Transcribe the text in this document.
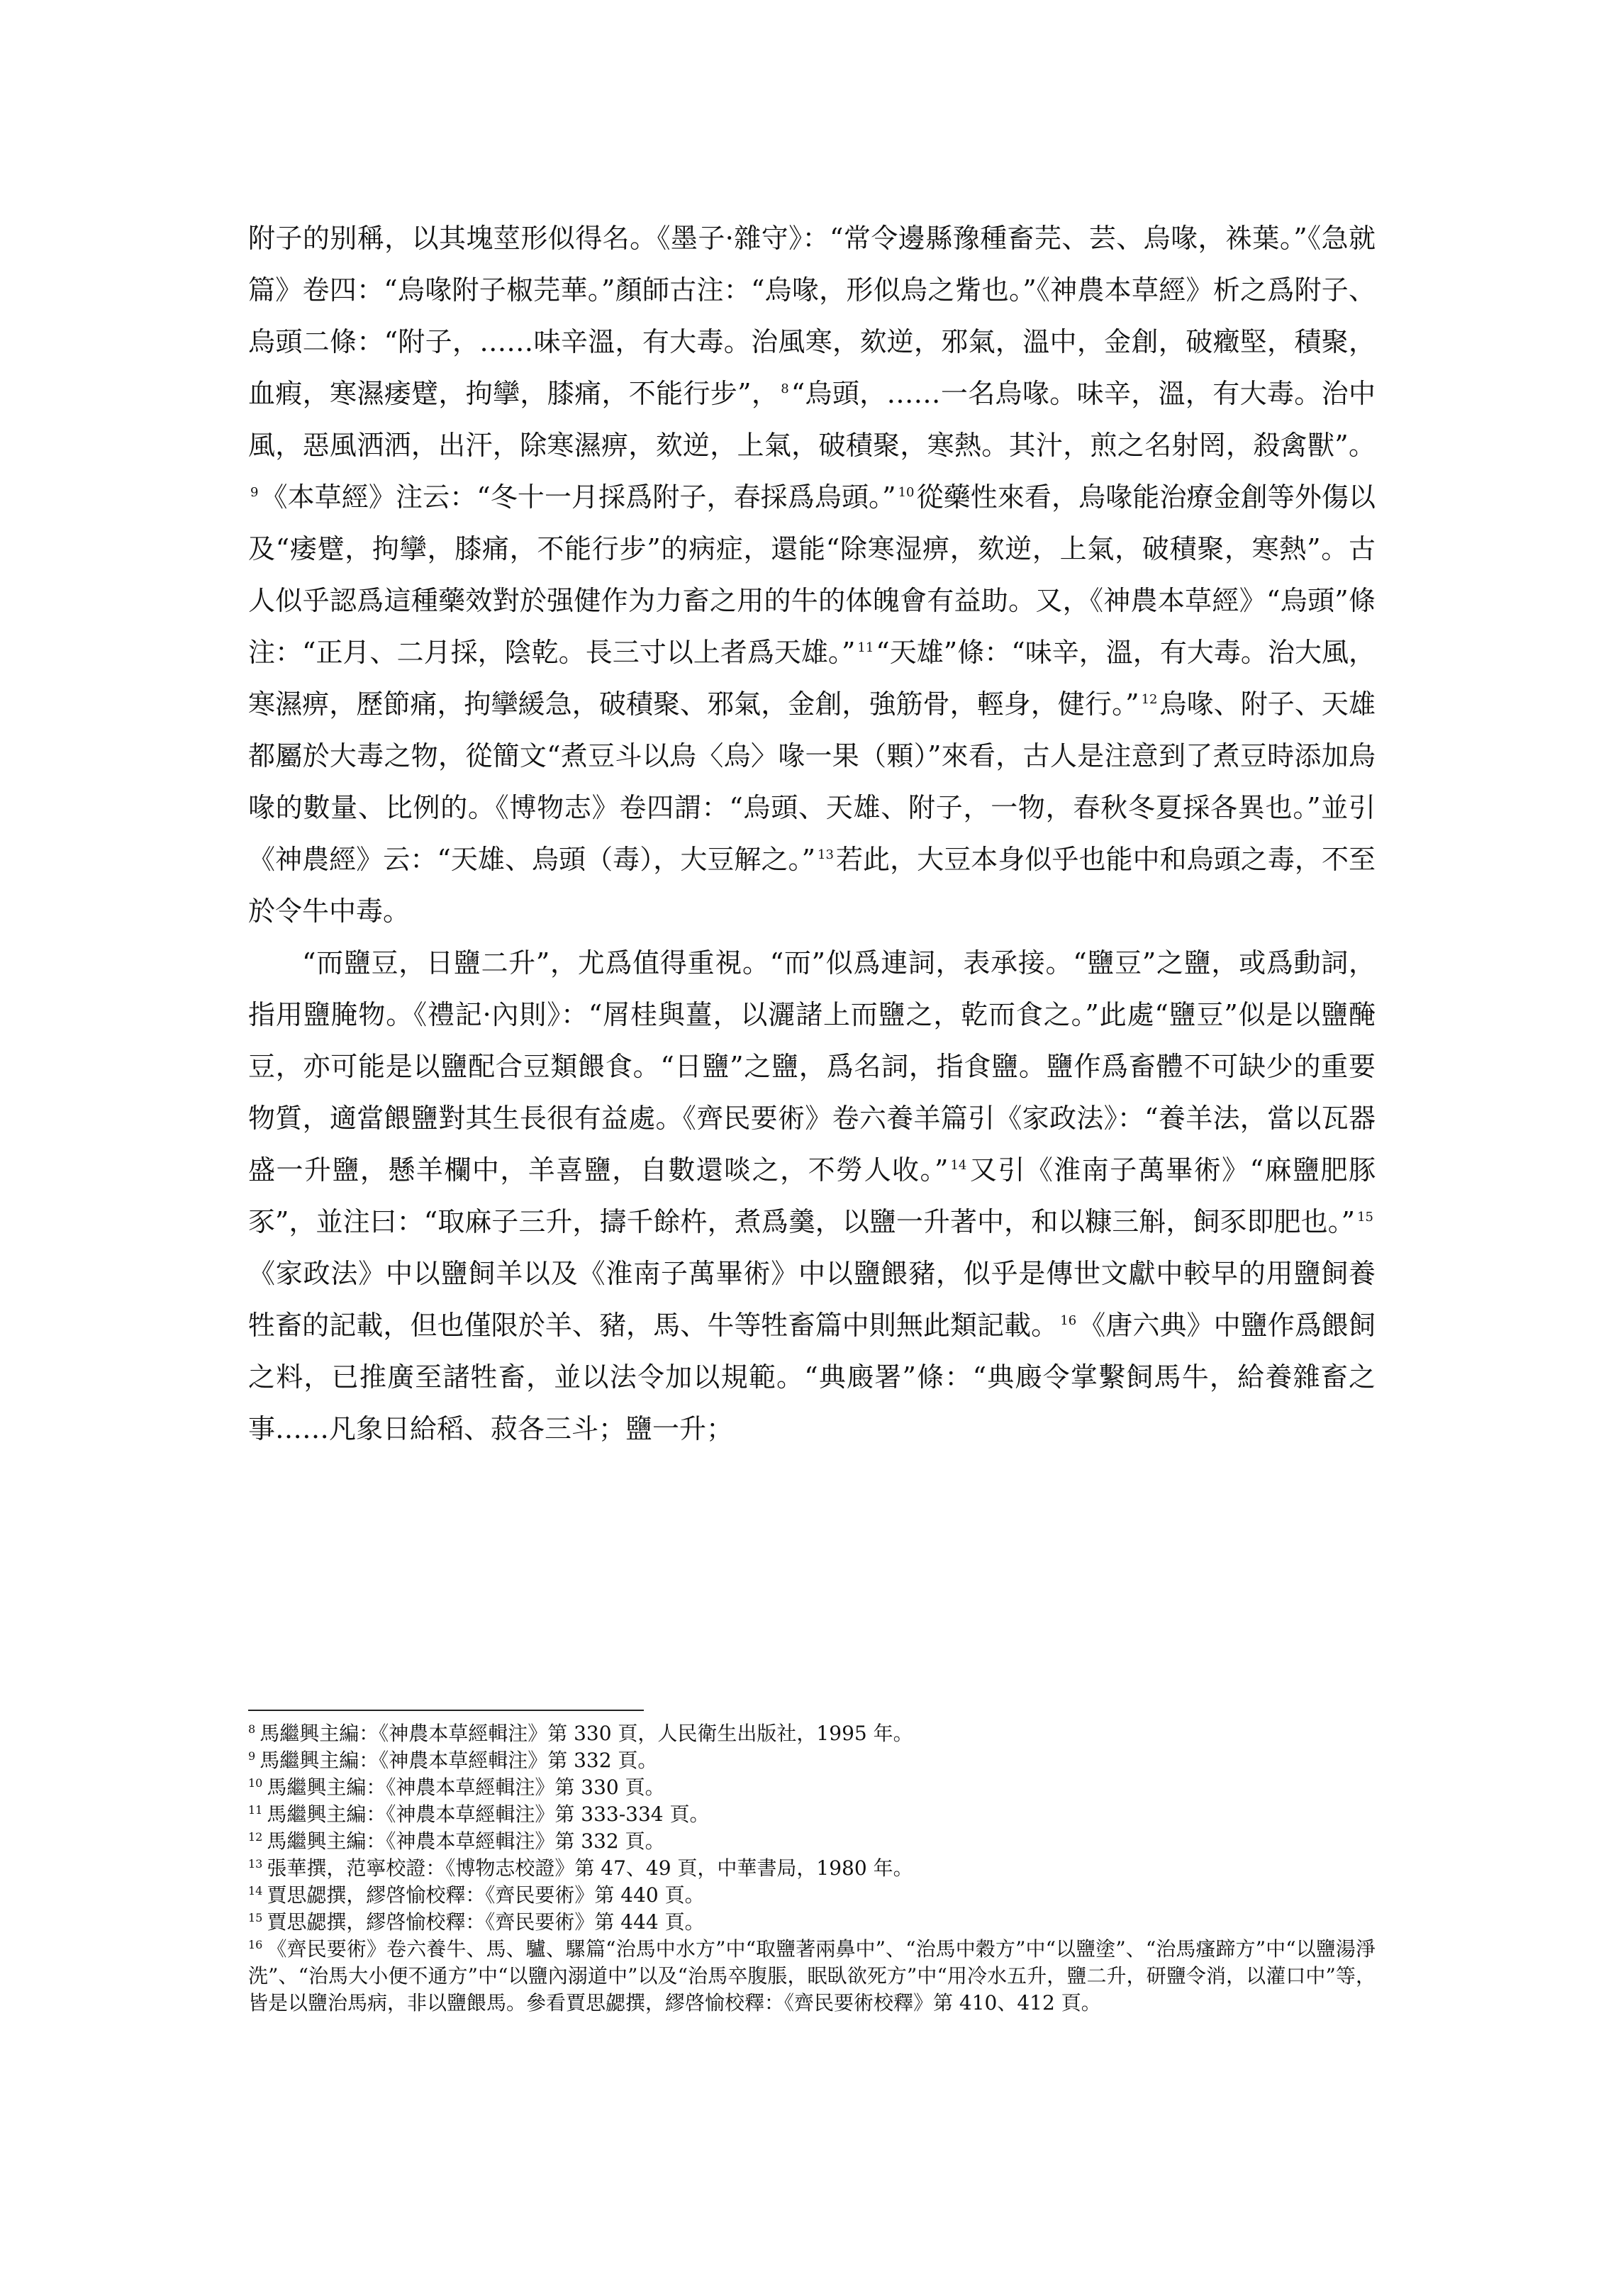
附子的别稱，以其塊莖形似得名。《墨子·雜守》：“常令邊縣豫種畜芫、芸、烏喙，袾葉。”《急就篇》卷四：“烏喙附子椒芫華。”顏師古注：“烏喙，形似烏之觜也。”《神農本草經》析之爲附子、烏頭二條：“附子，……味辛溫，有大毒。治風寒，欬逆，邪氣，溫中，金創，破癥堅，積聚，血瘕，寒濕痿躄，拘攣，膝痛，不能行步”， $^8$“烏頭，……一名烏喙。味辛，溫，有大毒。治中風，惡風洒洒，出汗，除寒濕痹，欬逆，上氣，破積聚，寒熱。其汁，煎之名射罔，殺禽獸”。$^9$《本草經》注云：“冬十一月採爲附子，春採爲烏頭。” $^{10}$從藥性來看，烏喙能治療金創等外傷以及“痿躄，拘攣，膝痛，不能行步”的病症，還能“除寒湿痹，欬逆，上氣，破積聚，寒熱”。古人似乎認爲這種藥效對於强健作为力畜之用的牛的体魄會有益助。又，《神農本草經》“烏頭”條注：“正月、二月採，陰乾。長三寸以上者爲天雄。” $^{11}$“天雄”條：“味辛，溫，有大毒。治大風，寒濕痹，歷節痛，拘攣緩急，破積聚、邪氣，金創，強筋骨，輕身，健行。” $^{12}$烏喙、附子、天雄都屬於大毒之物，從簡文“煮豆斗以烏〈烏〉喙一果（顆）”來看，古人是注意到了煮豆時添加烏喙的數量、比例的。《博物志》卷四謂：“烏頭、天雄、附子，一物，春秋冬夏採各異也。”並引《神農經》云：“天雄、烏頭（毒），大豆解之。” $^{13}$若此，大豆本身似乎也能中和烏頭之毒，不至於令牛中毒。

“而鹽豆，日鹽二升”，尤爲值得重視。“而”似爲連詞，表承接。“鹽豆”之鹽，或爲動詞，指用鹽腌物。《禮記·內則》：“屑桂與薑，以灑諸上而鹽之，乾而食之。”此處“鹽豆”似是以鹽醃豆，亦可能是以鹽配合豆類餵食。“日鹽”之鹽，爲名詞，指食鹽。鹽作爲畜體不可缺少的重要物質，適當餵鹽對其生長很有益處。《齊民要術》卷六養羊篇引《家政法》：“養羊法，當以瓦器盛一升鹽，懸羊欄中，羊喜鹽，自數還啖之，不勞人收。” $^{14}$又引《淮南子萬畢術》“麻鹽肥豚豕”，並注曰：“取麻子三升，擣千餘杵，煮爲羹，以鹽一升著中，和以糠三斛，飼豕即肥也。” $^{15}$《家政法》中以鹽飼羊以及《淮南子萬畢術》中以鹽餵豬，似乎是傳世文獻中較早的用鹽飼養牲畜的記載，但也僅限於羊、豬，馬、牛等牲畜篇中則無此類記載。 $^{16}$《唐六典》中鹽作爲餵飼之料，已推廣至諸牲畜，並以法令加以規範。“典廄署”條：“典廄令掌繫飼馬牛，給養雜畜之事……凡象日給稻、菽各三斗；鹽一升；

$^8$ 馬繼興主編：《神農本草經輯注》第 330 頁，人民衛生出版社，1995 年。

$^9$ 馬繼興主編：《神農本草經輯注》第 332 頁。

$^{10}$ 馬繼興主編：《神農本草經輯注》第 330 頁。

$^{11}$ 馬繼興主編：《神農本草經輯注》第 333-334 頁。

$^{12}$ 馬繼興主編：《神農本草經輯注》第 332 頁。

$^{13}$ 張華撰，范寧校證：《博物志校證》第 47、49 頁，中華書局，1980 年。

$^{14}$ 賈思勰撰，繆啓愉校釋：《齊民要術》第 440 頁。

$^{15}$ 賈思勰撰，繆啓愉校釋：《齊民要術》第 444 頁。

$^{16}$ 《齊民要術》卷六養牛、馬、驢、騾篇“治馬中水方”中“取鹽著兩鼻中”、“治馬中穀方”中“以鹽塗”、“治馬瘙蹄方”中“以鹽湯淨洗”、“治馬大小便不通方”中“以鹽內溺道中”以及“治馬卒腹脹，眠臥欲死方”中“用冷水五升，鹽二升，研鹽令消，以灌口中”等，皆是以鹽治馬病，非以鹽餵馬。參看賈思勰撰，繆啓愉校釋：《齊民要術校釋》第 410、412 頁。
